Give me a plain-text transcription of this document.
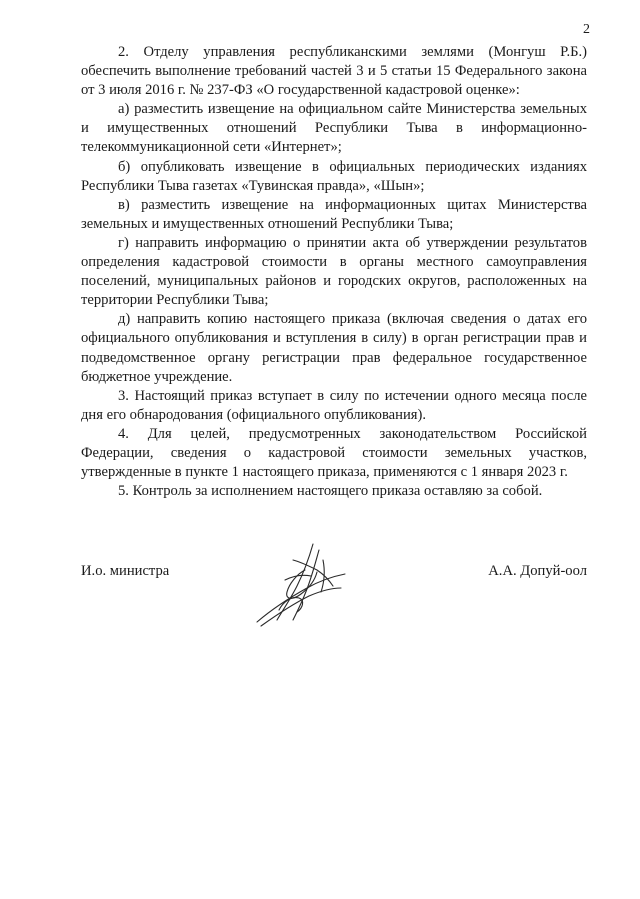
2

2. Отделу управления республиканскими землями (Монгуш Р.Б.) обеспечить выполнение требований частей 3 и 5 статьи 15 Федерального закона от 3 июля 2016 г. № 237-ФЗ «О государственной кадастровой оценке»:

а) разместить извещение на официальном сайте Министерства земельных и имущественных отношений Республики Тыва в информационно-телекоммуникационной сети «Интернет»;

б) опубликовать извещение в официальных периодических изданиях Республики Тыва газетах «Тувинская правда», «Шын»;

в) разместить извещение на информационных щитах Министерства земельных и имущественных отношений Республики Тыва;

г) направить информацию о принятии акта об утверждении результатов определения кадастровой стоимости в органы местного самоуправления поселений, муниципальных районов и городских округов, расположенных на территории Республики Тыва;

д) направить копию настоящего приказа (включая сведения о датах его официального опубликования и вступления в силу) в орган регистрации прав и подведомственное органу регистрации прав федеральное государственное бюджетное учреждение.

3. Настоящий приказ вступает в силу по истечении одного месяца после дня его обнародования (официального опубликования).

4. Для целей, предусмотренных законодательством Российской Федерации, сведения о кадастровой стоимости земельных участков, утвержденные в пункте 1 настоящего приказа, применяются с 1 января 2023 г.

5. Контроль за исполнением настоящего приказа оставляю за собой.

И.о. министра	А.А. Допуй-оол
